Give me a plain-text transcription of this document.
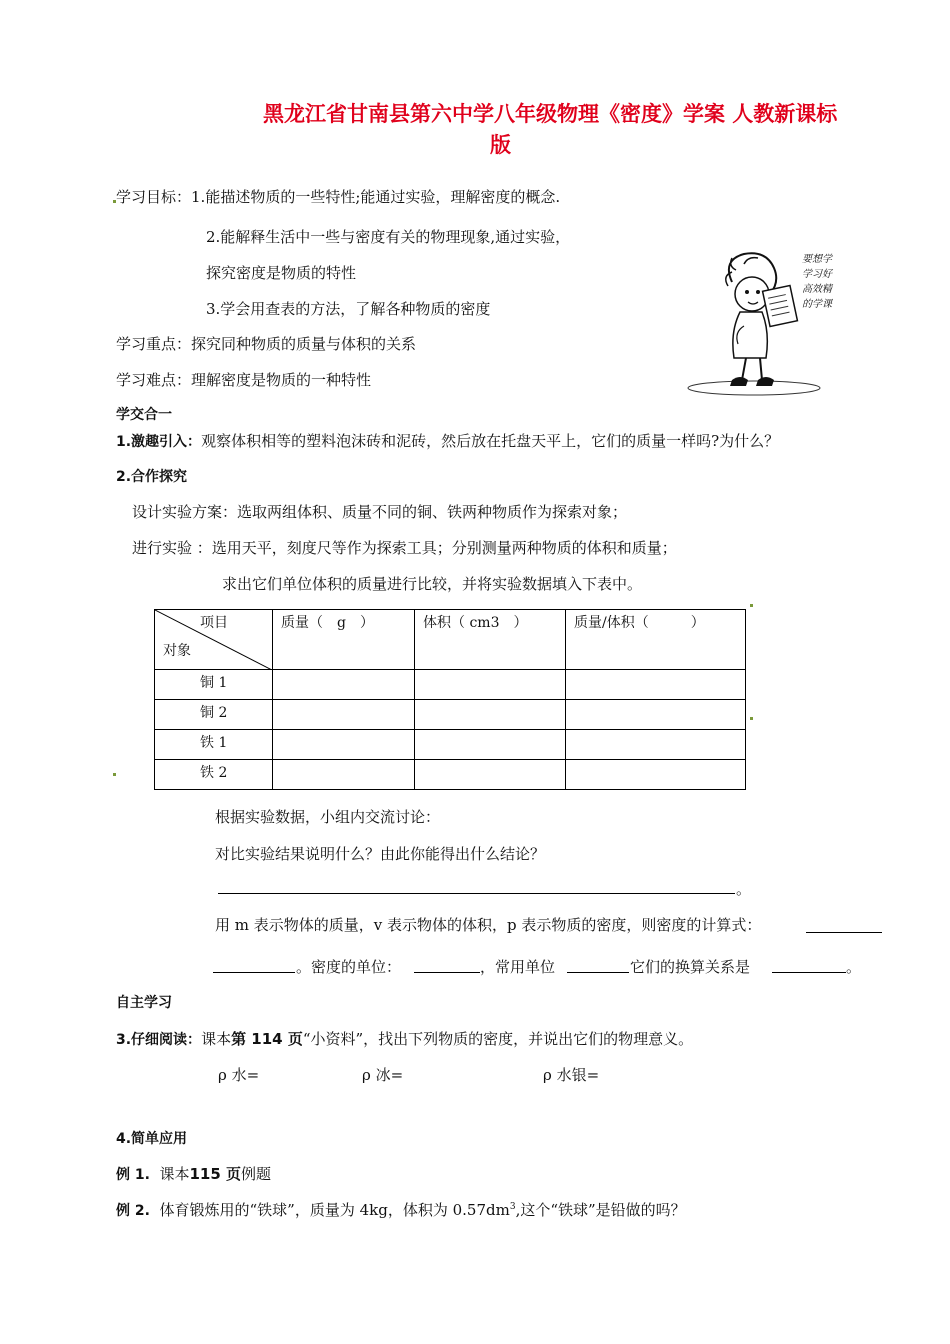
黑龙江省甘南县第六中学八年级物理《密度》学案 人教新课标
版
学习目标：1.能描述物质的一些特性;能通过实验，理解密度的概念.
2.能解释生活中一些与密度有关的物理现象,通过实验，
探究密度是物质的特性
3.学会用查表的方法，了解各种物质的密度
学习重点：探究同种物质的质量与体积的关系
学习难点：理解密度是物质的一种特性
要想学
学习好
高效精
的学课
学交合一
1.激趣引入：观察体积相等的塑料泡沫砖和泥砖，然后放在托盘天平上，它们的质量一样吗?为什么？
2.合作探究
设计实验方案：选取两组体积、质量不同的铜、铁两种物质作为探索对象；
进行实验 ：选用天平，刻度尺等作为探索工具；分别测量两种物质的体积和质量；
求出它们单位体积的质量进行比较，并将实验数据填入下表中。
项目
对象	质量（　g　）	体积（ cm3　）	质量/体积（　　　）
铜 1			
铜 2			
铁 1			
铁 2			
根据实验数据，小组内交流讨论：
对比实验结果说明什么？由此你能得出什么结论？
。
用 m 表示物体的质量，v 表示物体的体积，p 表示物质的密度，则密度的计算式：
。密度的单位：	，常用单位	它们的换算关系是	。
自主学习
3.仔细阅读：课本第 114 页“小资料”，找出下列物质的密度，并说出它们的物理意义。
ρ 水=	ρ 冰=	ρ 水银=
4.简单应用
例 1. 课本115 页例题
例 2. 体育锻炼用的“铁球”，质量为 4kg，体积为 $0.57dm^3$,这个“铁球”是铅做的吗？
